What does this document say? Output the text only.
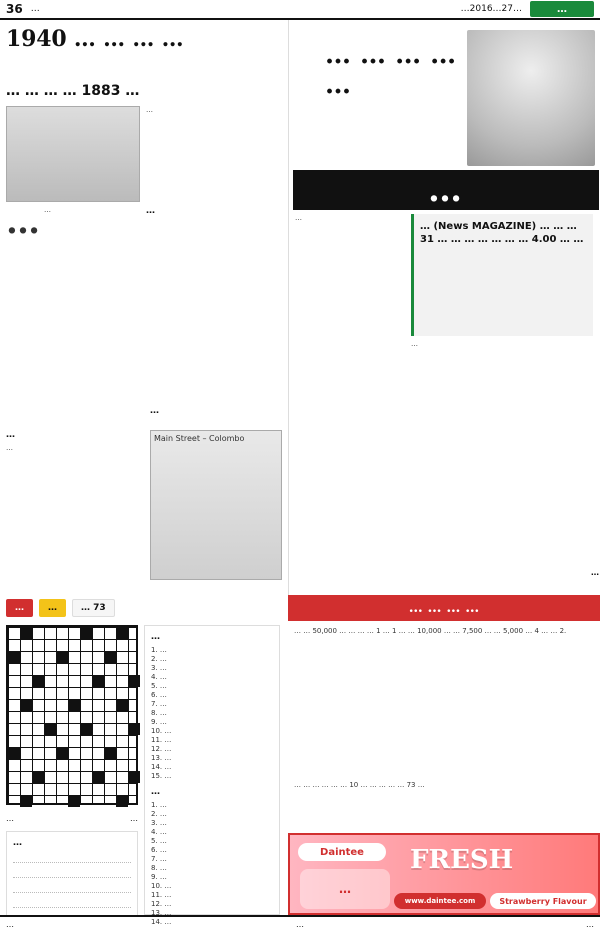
36 …	…2016…27…	…
1940 … … … …
… … … … 1883 …
…
…
… …
…
Main Street – Colombo
…
…
… … … … …
…
…
… (News MAGAZINE) … … … 31 … … … … … … … 4.00 … …
…
…
…	…	… 73
…	…
…
1. …
2. …
3. …
4. …
5. …
6. …
7. …
8. …
9. …
10. …
11. …
12. …
13. …
14. …
15. …
…
1. …
2. …
3. …
4. …
5. …
6. …
7. …
8. …
9. …
10. …
11. …
12. …
13. …
14. …
…
… … … …
… … 50,000 … … … … 1 … 1 … … 10,000 … … 7,500 … … 5,000 … 4 … … 2.
… … … … … … 10 … … … … … 73 …
Daintee
…
FRESH
www.daintee.com	Strawberry Flavour
…	…	…
